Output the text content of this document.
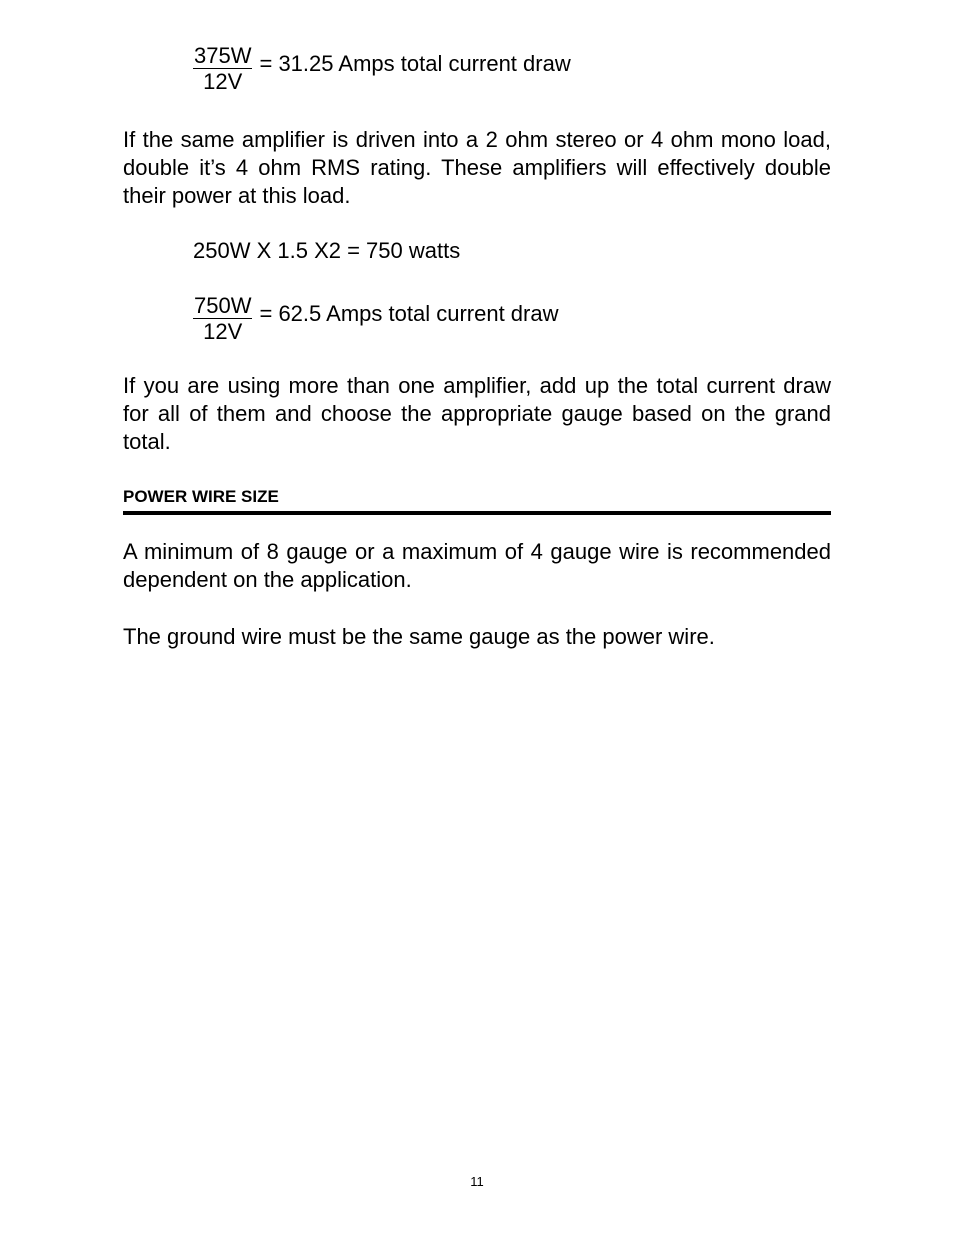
$\frac{375W}{12V} = 31.25$ Amps total current draw

If the same amplifier is driven into a 2 ohm stereo or 4 ohm mono load, double it’s 4 ohm RMS rating. These amplifiers will effectively double their power at this load.

250W X 1.5 X2 = 750 watts
$\frac{750W}{12V} = 62.5$ Amps total current draw

If you are using more than one amplifier, add up the total current draw for all of them and choose the appropriate gauge based on the grand total.

POWER WIRE SIZE

A minimum of 8 gauge or a maximum of 4 gauge wire is recommended dependent on the application.

The ground wire must be the same gauge as the power wire.

11
